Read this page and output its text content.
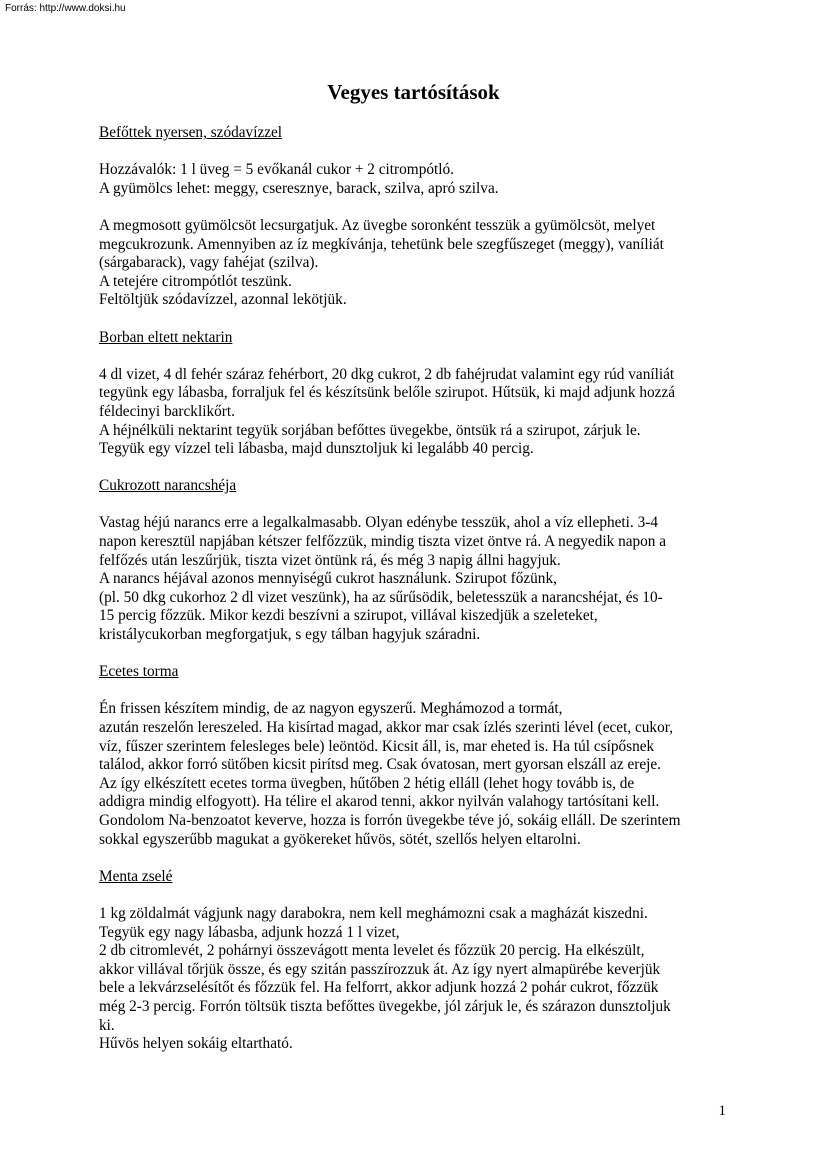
Forrás: http://www.doksi.hu
Vegyes tartósítások
Befőttek nyersen, szódavízzel
Hozzávalók: 1 l üveg = 5 evőkanál cukor + 2 citrompótló.
A gyümölcs lehet: meggy, cseresznye, barack, szilva, apró szilva.
A megmosott gyümölcsöt lecsurgatjuk. Az üvegbe soronként tesszük a gyümölcsöt, melyet
megcukrozunk. Amennyiben az íz megkívánja, tehetünk bele szegfűszeget (meggy), vaníliát
(sárgabarack), vagy fahéjat (szilva).
A tetejére citrompótlót teszünk.
Feltöltjük szódavízzel, azonnal lekötjük.
Borban eltett nektarin
4 dl vizet, 4 dl fehér száraz fehérbort, 20 dkg cukrot, 2 db fahéjrudat valamint egy rúd vaníliát
tegyünk egy lábasba, forraljuk fel és készítsünk belőle szirupot. Hűtsük, ki majd adjunk hozzá
féldecinyi barcklikőrt.
A héjnélküli nektarint tegyük sorjában befőttes üvegekbe, öntsük rá a szirupot, zárjuk le.
Tegyük egy vízzel teli lábasba, majd dunsztoljuk ki legalább 40 percig.
Cukrozott narancshéja
Vastag héjú narancs erre a legalkalmasabb. Olyan edénybe tesszük, ahol a víz ellepheti. 3-4
napon keresztül napjában kétszer felfőzzük, mindig tiszta vizet öntve rá. A negyedik napon a
felfőzés után leszűrjük, tiszta vizet öntünk rá, és még 3 napig állni hagyjuk.
A narancs héjával azonos mennyiségű cukrot használunk. Szirupot főzünk,
(pl. 50 dkg cukorhoz 2 dl vizet veszünk), ha az sűrűsödik, beletesszük a narancshéjat, és 10-
15 percig főzzük. Mikor kezdi beszívni a szirupot, villával kiszedjük a szeleteket,
kristálycukorban megforgatjuk, s egy tálban hagyjuk száradni.
Ecetes torma
Én frissen készítem mindig, de az nagyon egyszerű. Meghámozod a tormát,
azután reszelőn lereszeled. Ha kisírtad magad, akkor mar csak ízlés szerinti lével (ecet, cukor,
víz, fűszer szerintem felesleges bele) leöntöd. Kicsit áll, is, mar eheted is. Ha túl csípősnek
találod, akkor forró sütőben kicsit pirítsd meg. Csak óvatosan, mert gyorsan elszáll az ereje.
Az így elkészített ecetes torma üvegben, hűtőben 2 hétig elláll (lehet hogy tovább is, de
addigra mindig elfogyott). Ha télire el akarod tenni, akkor nyilván valahogy tartósítani kell.
Gondolom Na-benzoatot keverve, hozza is forrón üvegekbe téve jó, sokáig elláll. De szerintem
sokkal egyszerűbb magukat a gyökereket hűvös, sötét, szellős helyen eltarolni.
Menta zselé
1 kg zöldalmát vágjunk nagy darabokra, nem kell meghámozni csak a magházát kiszedni.
Tegyük egy nagy lábasba, adjunk hozzá 1 l vizet,
2 db citromlevét, 2 pohárnyi összevágott menta levelet és főzzük 20 percig. Ha elkészült,
akkor villával tőrjük össze, és egy szitán passzírozzuk át. Az így nyert almapürébe keverjük
bele a lekvárzselésítőt és főzzük fel. Ha felforrt, akkor adjunk hozzá 2 pohár cukrot, főzzük
még 2-3 percig. Forrón töltsük tiszta befőttes üvegekbe, jól zárjuk le, és szárazon dunsztoljuk
ki.
Hűvös helyen sokáig eltartható.
1
